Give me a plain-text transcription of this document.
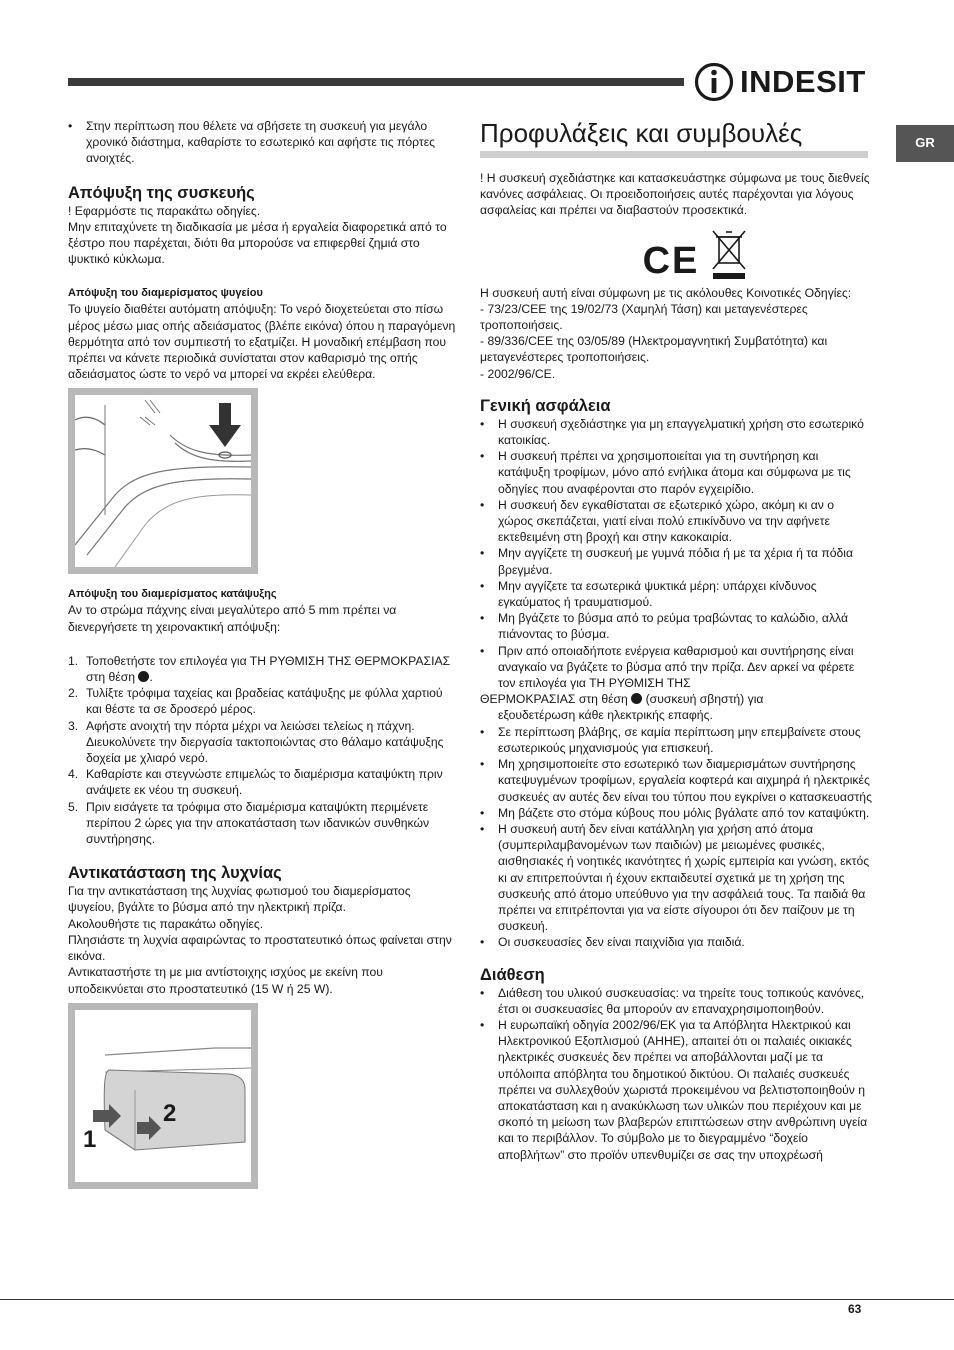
INDESIT
GR
• Στην περίπτωση που θέλετε να σβήσετε τη συσκευή για μεγάλο χρονικό διάστημα, καθαρίστε το εσωτερικό και αφήστε τις πόρτες ανοιχτές.

Απόψυξη της συσκευής

! Εφαρμόστε τις παρακάτω οδηγίες.

Μην επιταχύνετε τη διαδικασία με μέσα ή εργαλεία διαφορετικά από το ξέστρο που παρέχεται, διότι θα μπορούσε να επιφερθεί ζημιά στο ψυκτικό κύκλωμα.

Απόψυξη του διαμερίσματος ψυγείου

Το ψυγείο διαθέτει αυτόματη απόψυξη: Το νερό διοχετεύεται στο πίσω μέρος μέσω μιας οπής αδειάσματος (βλέπε εικόνα) όπου η παραγόμενη θερμότητα από τον συμπιεστή το εξατμίζει. Η μοναδική επέμβαση που πρέπει να κάνετε περιοδικά συνίσταται στον καθαρισμό της οπής αδειάσματος ώστε το νερό να μπορεί να εκρέει ελεύθερα.

Απόψυξη του διαμερίσματος κατάψυξης

Αν το στρώμα πάχνης είναι μεγαλύτερο από 5 mm πρέπει να διενεργήσετε τη χειρονακτική απόψυξη:

1. Τοποθετήστε τον επιλογέα για ΤΗ ΡΥΘΜΙΣΗ ΤΗΣ ΘΕΡΜΟΚΡΑΣΙΑΣ στη θέση .
2. Τυλίξτε τρόφιμα ταχείας και βραδείας κατάψυξης με φύλλα χαρτιού και θέστε τα σε δροσερό μέρος.
3. Αφήστε ανοιχτή την πόρτα μέχρι να λειώσει τελείως η πάχνη. Διευκολύνετε την διεργασία τακτοποιώντας στο θάλαμο κατάψυξης δοχεία με χλιαρό νερό.
4. Καθαρίστε και στεγνώστε επιμελώς το διαμέρισμα καταψύκτη πριν ανάψετε εκ νέου τη συσκευή.
5. Πριν εισάγετε τα τρόφιμα στο διαμέρισμα καταψύκτη περιμένετε περίπου 2 ώρες για την αποκατάσταση των ιδανικών συνθηκών συντήρησης.

Αντικατάσταση της λυχνίας

Για την αντικατάσταση της λυχνίας φωτισμού του διαμερίσματος ψυγείου, βγάλτε το βύσμα από την ηλεκτρική πρίζα.

Ακολουθήστε τις παρακάτω οδηγίες.

Πλησιάστε τη λυχνία αφαιρώντας το προστατευτικό όπως φαίνεται στην εικόνα.

Αντικαταστήστε τη με μια αντίστοιχης ισχύος με εκείνη που υποδεικνύεται στο προστατευτικό (15 W ή 25 W).

1
2

Προφυλάξεις και συμβουλές

! Η συσκευή σχεδιάστηκε και κατασκευάστηκε σύμφωνα με τους διεθνείς κανόνες ασφάλειας. Οι προειδοποιήσεις αυτές παρέχονται για λόγους ασφαλείας και πρέπει να διαβαστούν προσεκτικά.

CE

Η συσκευή αυτή είναι σύμφωνη με τις ακόλουθες Κοινοτικές Οδηγίες:

- 73/23/CEE της 19/02/73 (Χαμηλή Τάση) και μεταγενέστερες τροποποιήσεις.

- 89/336/CEE της 03/05/89 (Ηλεκτρομαγνητική Συμβατότητα) και μεταγενέστερες τροποποιήσεις.

- 2002/96/CE.

Γενική ασφάλεια

• Η συσκευή σχεδιάστηκε για μη επαγγελματική χρήση στο εσωτερικό κατοικίας.
• Η συσκευή πρέπει να χρησιμοποιείται για τη συντήρηση και κατάψυξη τροφίμων, μόνο από ενήλικα άτομα και σύμφωνα με τις οδηγίες που αναφέρονται στο παρόν εγχειρίδιο.
• Η συσκευή δεν εγκαθίσταται σε εξωτερικό χώρο, ακόμη κι αν ο χώρος σκεπάζεται, γιατί είναι πολύ επικίνδυνο να την αφήνετε εκτεθειμένη στη βροχή και στην κακοκαιρία.
• Μην αγγίζετε τη συσκευή με γυμνά πόδια ή με τα χέρια ή τα πόδια βρεγμένα.
• Μην αγγίζετε τα εσωτερικά ψυκτικά μέρη: υπάρχει κίνδυνος εγκαύματος ή τραυματισμού.
• Μη βγάζετε το βύσμα από το ρεύμα τραβώντας το καλώδιο, αλλά πιάνοντας το βύσμα.
• Πριν από οποιαδήποτε ενέργεια καθαρισμού και συντήρησης είναι αναγκαίο να βγάζετε το βύσμα από την πρίζα. Δεν αρκεί να φέρετε τον επιλογέα για ΤΗ ΡΥΘΜΙΣΗ ΤΗΣ

ΘΕΡΜΟΚΡΑΣΙΑΣ στη θέση (συσκευή σβηστή) για

εξουδετέρωση κάθε ηλεκτρικής επαφής.

• Σε περίπτωση βλάβης, σε καμία περίπτωση μην επεμβαίνετε στους εσωτερικούς μηχανισμούς για επισκευή.
• Μη χρησιμοποιείτε στο εσωτερικό των διαμερισμάτων συντήρησης κατεψυγμένων τροφίμων, εργαλεία κοφτερά και αιχμηρά ή ηλεκτρικές συσκευές αν αυτές δεν είναι του τύπου που εγκρίνει ο κατασκευαστής
• Μη βάζετε στο στόμα κύβους που μόλις βγάλατε από τον καταψύκτη.
• Η συσκευή αυτή δεν είναι κατάλληλη για χρήση από άτομα (συμπεριλαμβανομένων των παιδιών) με μειωμένες φυσικές, αισθησιακές ή νοητικές ικανότητες ή χωρίς εμπειρία και γνώση, εκτός κι αν επιτρεπούνται ή έχουν εκπαιδευτεί σχετικά με τη χρήση της συσκευής από άτομο υπεύθυνο για την ασφάλειά τους. Τα παιδιά θα πρέπει να επιτρέπονται για να είστε σίγουροι ότι δεν παίζουν με τη συσκευή.
• Οι συσκευασίες δεν είναι παιχνίδια για παιδιά.

Διάθεση

• Διάθεση του υλικού συσκευασίας: να τηρείτε τους τοπικούς κανόνες, έτσι οι συσκευασίες θα μπορούν αν επαναχρησιμοποιηθούν.
• Η ευρωπαϊκή οδηγία 2002/96/ΕΚ για τα Απόβλητα Ηλεκτρικού και Ηλεκτρονικού Εξοπλισμού (ΑΗΗΕ), απαιτεί ότι οι παλαιές οικιακές ηλεκτρικές συσκευές δεν πρέπει να αποβάλλονται μαζί με τα υπόλοιπα απόβλητα του δημοτικού δικτύου. Οι παλαιές συσκευές πρέπει να συλλεχθούν χωριστά προκειμένου να βελτιστοποιηθούν η αποκατάσταση και η ανακύκλωση των υλικών που περιέχουν και με σκοπό τη μείωση των βλαβερών επιπτώσεων στην ανθρώπινη υγεία και το περιβάλλον. Το σύμβολο με το διεγραμμένο “δοχείο αποβλήτων” στο προϊόν υπενθυμίζει σε σας την υποχρέωσή
63
